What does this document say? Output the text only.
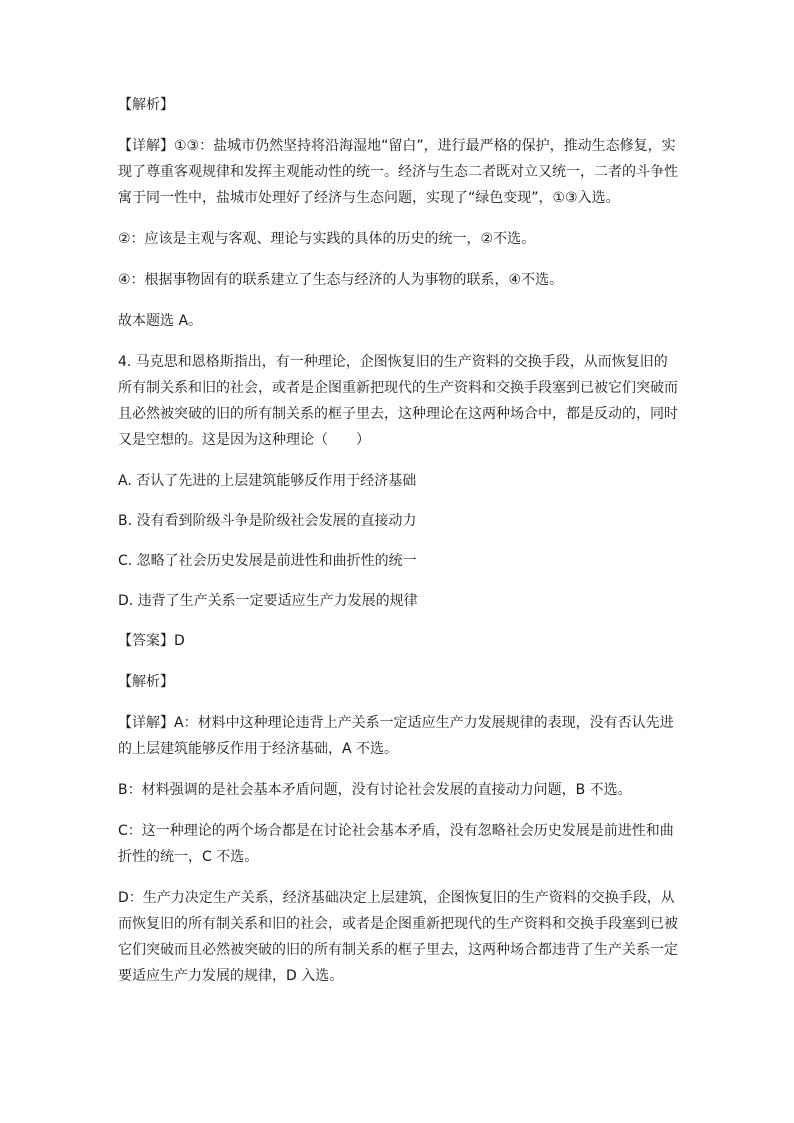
【解析】

【详解】①③：盐城市仍然坚持将沿海湿地“留白”，进行最严格的保护，推动生态修复，实现了尊重客观规律和发挥主观能动性的统一。经济与生态二者既对立又统一，二者的斗争性寓于同一性中，盐城市处理好了经济与生态问题，实现了“绿色变现”，①③入选。

②：应该是主观与客观、理论与实践的具体的历史的统一，②不选。

④：根据事物固有的联系建立了生态与经济的人为事物的联系，④不选。

故本题选 A。

4. 马克思和恩格斯指出，有一种理论，企图恢复旧的生产资料的交换手段，从而恢复旧的所有制关系和旧的社会，或者是企图重新把现代的生产资料和交换手段塞到已被它们突破而且必然被突破的旧的所有制关系的框子里去，这种理论在这两种场合中，都是反动的，同时又是空想的。这是因为这种理论（　　）

A. 否认了先进的上层建筑能够反作用于经济基础

B. 没有看到阶级斗争是阶级社会发展的直接动力

C. 忽略了社会历史发展是前进性和曲折性的统一

D. 违背了生产关系一定要适应生产力发展的规律

【答案】D

【解析】

【详解】A：材料中这种理论违背上产关系一定适应生产力发展规律的表现，没有否认先进的上层建筑能够反作用于经济基础，A 不选。

B：材料强调的是社会基本矛盾问题，没有讨论社会发展的直接动力问题，B 不选。

C：这一种理论的两个场合都是在讨论社会基本矛盾，没有忽略社会历史发展是前进性和曲折性的统一，C 不选。

D：生产力决定生产关系，经济基础决定上层建筑，企图恢复旧的生产资料的交换手段，从而恢复旧的所有制关系和旧的社会，或者是企图重新把现代的生产资料和交换手段塞到已被它们突破而且必然被突破的旧的所有制关系的框子里去，这两种场合都违背了生产关系一定要适应生产力发展的规律，D 入选。
